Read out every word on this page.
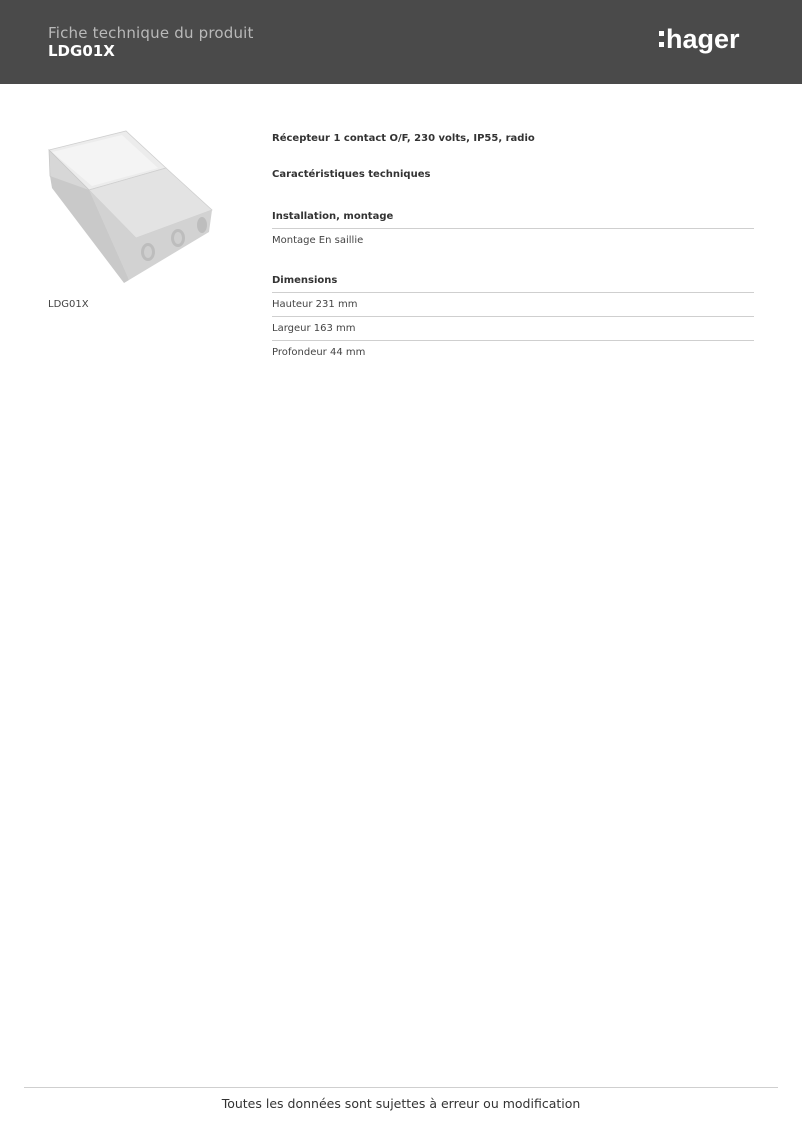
Fiche technique du produit
LDG01X	hager
LDG01X
Récepteur 1 contact O/F, 230 volts, IP55, radio
Caractéristiques techniques
Installation, montage
Montage En saillie
Dimensions
Hauteur 231 mm
Largeur 163 mm
Profondeur 44 mm
Toutes les données sont sujettes à erreur ou modification
